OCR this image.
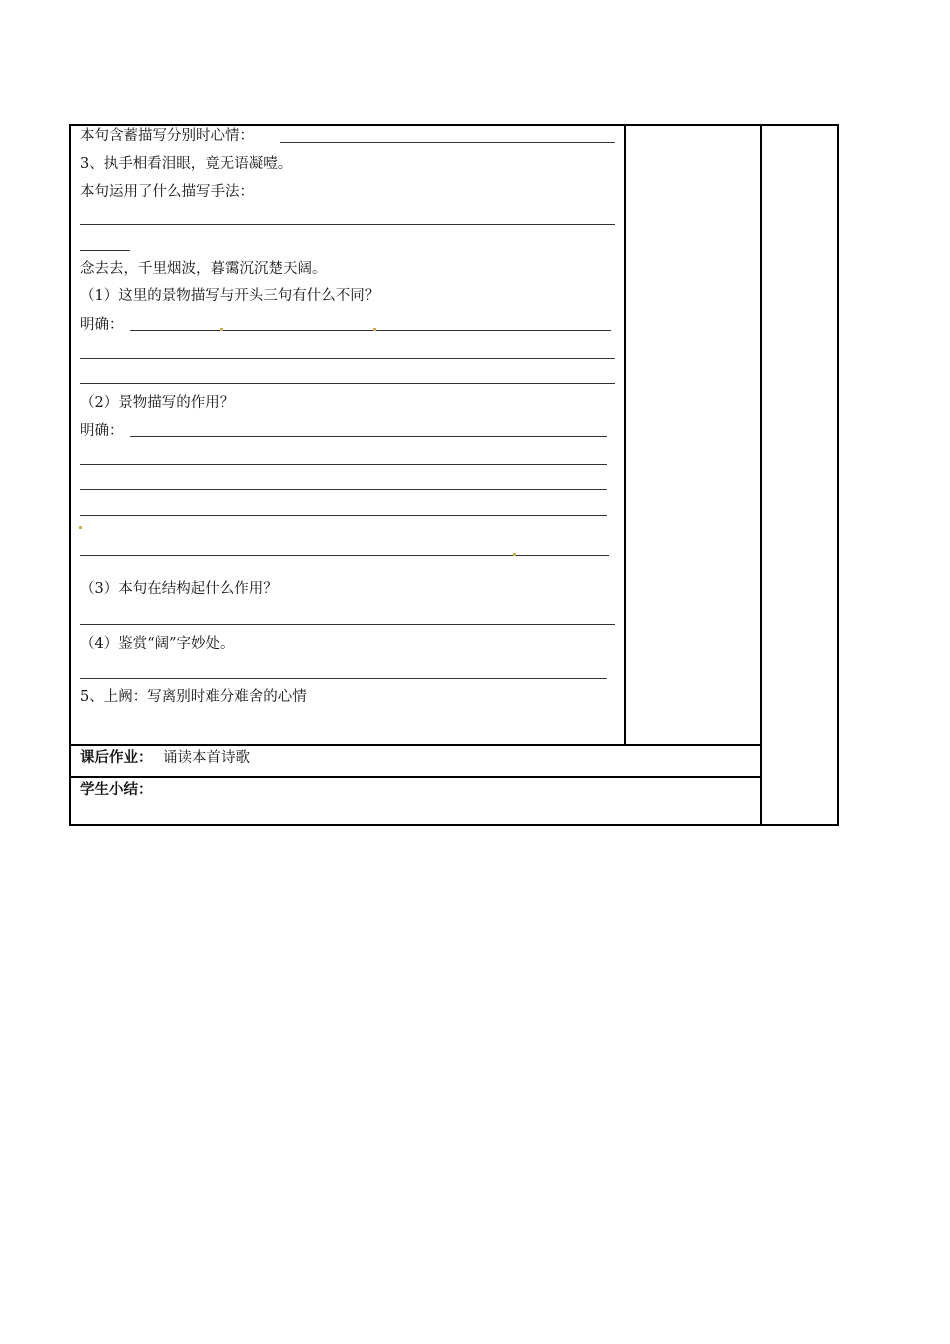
本句含蓄描写分别时心情：
3、执手相看泪眼，竟无语凝噎。
本句运用了什么描写手法：
念去去，千里烟波，暮霭沉沉楚天阔。
（1）这里的景物描写与开头三句有什么不同？
明确：
（2）景物描写的作用？
明确：
（3）本句在结构起什么作用？
（4）鉴赏“阔”字妙处。
5、上阙：写离别时难分难舍的心情
课后作业： 诵读本首诗歌
学生小结：
